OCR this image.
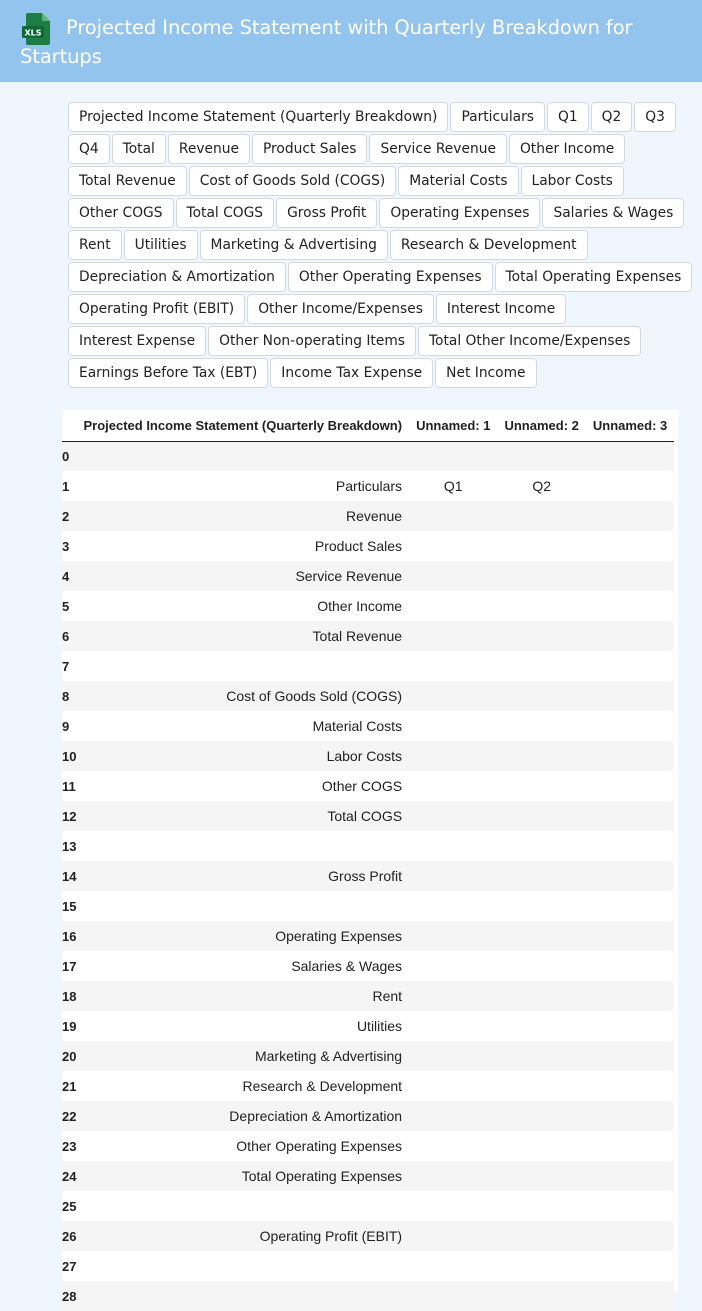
XLS	Projected Income Statement with Quarterly Breakdown for Startups
Projected Income Statement (Quarterly Breakdown) Particulars Q1 Q2 Q3Q4 Total Revenue Product Sales Service Revenue Other IncomeTotal Revenue Cost of Goods Sold (COGS) Material Costs Labor CostsOther COGS Total COGS Gross Profit Operating Expenses Salaries & WagesRent Utilities Marketing & Advertising Research & DevelopmentDepreciation & Amortization Other Operating Expenses Total Operating ExpensesOperating Profit (EBIT) Other Income/Expenses Interest IncomeInterest Expense Other Non-operating Items Total Other Income/ExpensesEarnings Before Tax (EBT) Income Tax Expense Net Income
	Projected Income Statement (Quarterly Breakdown)	Unnamed: 1	Unnamed: 2	Unnamed: 3
0				
1	Particulars	Q1	Q2	
2	Revenue			
3	Product Sales			
4	Service Revenue			
5	Other Income			
6	Total Revenue			
7				
8	Cost of Goods Sold (COGS)			
9	Material Costs			
10	Labor Costs			
11	Other COGS			
12	Total COGS			
13				
14	Gross Profit			
15				
16	Operating Expenses			
17	Salaries & Wages			
18	Rent			
19	Utilities			
20	Marketing & Advertising			
21	Research & Development			
22	Depreciation & Amortization			
23	Other Operating Expenses			
24	Total Operating Expenses			
25				
26	Operating Profit (EBIT)			
27				
28				
